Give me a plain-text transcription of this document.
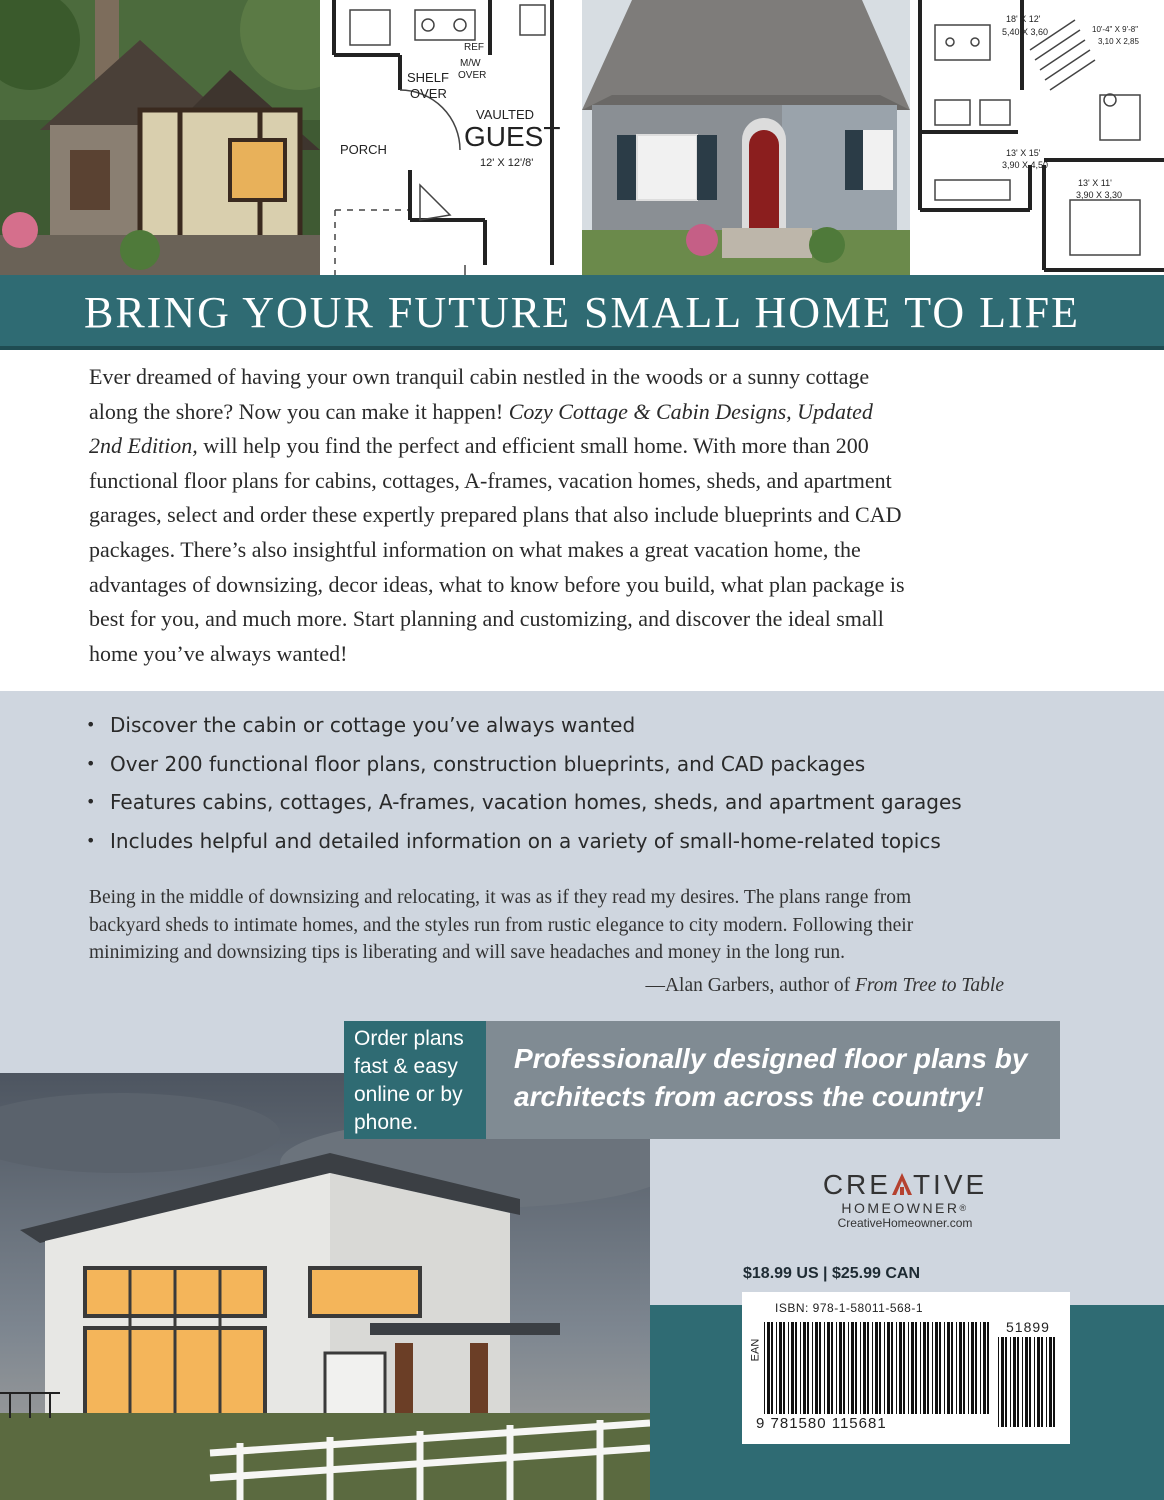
SHELF
OVER
REF
M/W
OVER
VAULTED
GUEST
12' X 12'/8'
PORCH
18' X 12'
5,40 X 3,60	10'-4" X 9'-8"
3,10 X 2,85
13' X 15'
3,90 X 4,50
13' X 11'
3,90 X 3,30
BRING YOUR FUTURE SMALL HOME TO LIFE
Ever dreamed of having your own tranquil cabin nestled in the woods or a sunny cottage
along the shore? Now you can make it happen! Cozy Cottage & Cabin Designs, Updated
2nd Edition, will help you find the perfect and efficient small home. With more than 200
functional floor plans for cabins, cottages, A-frames, vacation homes, sheds, and apartment
garages, select and order these expertly prepared plans that also include blueprints and CAD
packages. There’s also insightful information on what makes a great vacation home, the
advantages of downsizing, decor ideas, what to know before you build, what plan package is
best for you, and much more. Start planning and customizing, and discover the ideal small
home you’ve always wanted!
• Discover the cabin or cottage you’ve always wanted
• Over 200 functional floor plans, construction blueprints, and CAD packages
• Features cabins, cottages, A-frames, vacation homes, sheds, and apartment garages
• Includes helpful and detailed information on a variety of small-home-related topics
Being in the middle of downsizing and relocating, it was as if they read my desires. The plans range from
backyard sheds to intimate homes, and the styles run from rustic elegance to city modern. Following their
minimizing and downsizing tips is liberating and will save headaches and money in the long run.
—Alan Garbers, author of From Tree to Table
Order plans
fast & easy
online or by
phone.
Professionally designed floor plans by
architects from across the country!
CRE TIVE
HOMEOWNER®
CreativeHomeowner.com
$18.99 US | $25.99 CAN
ISBN: 978-1-58011-568-1
EAN
9 781580 115681
51899
